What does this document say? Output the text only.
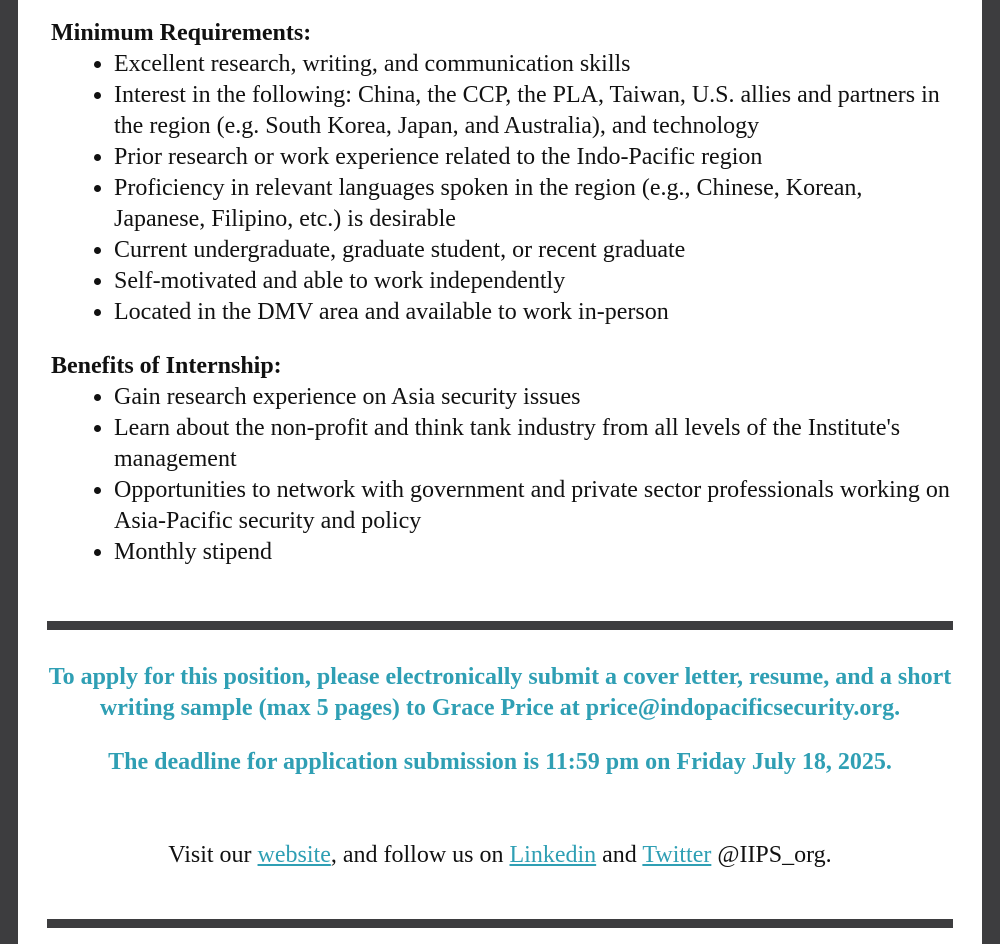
Minimum Requirements:
• Excellent research, writing, and communication skills
• Interest in the following: China, the CCP, the PLA, Taiwan, U.S. allies and partners in the region (e.g. South Korea, Japan, and Australia), and technology
• Prior research or work experience related to the Indo-Pacific region
• Proficiency in relevant languages spoken in the region (e.g., Chinese, Korean, Japanese, Filipino, etc.) is desirable
• Current undergraduate, graduate student, or recent graduate
• Self-motivated and able to work independently
• Located in the DMV area and available to work in-person
Benefits of Internship:
• Gain research experience on Asia security issues
• Learn about the non-profit and think tank industry from all levels of the Institute's management
• Opportunities to network with government and private sector professionals working on Asia-Pacific security and policy
• Monthly stipend

To apply for this position, please electronically submit a cover letter, resume, and a short writing sample (max 5 pages) to Grace Price at price@indopacificsecurity.org.

The deadline for application submission is 11:59 pm on Friday July 18, 2025.

Visit our website, and follow us on Linkedin and Twitter @IIPS_org.
